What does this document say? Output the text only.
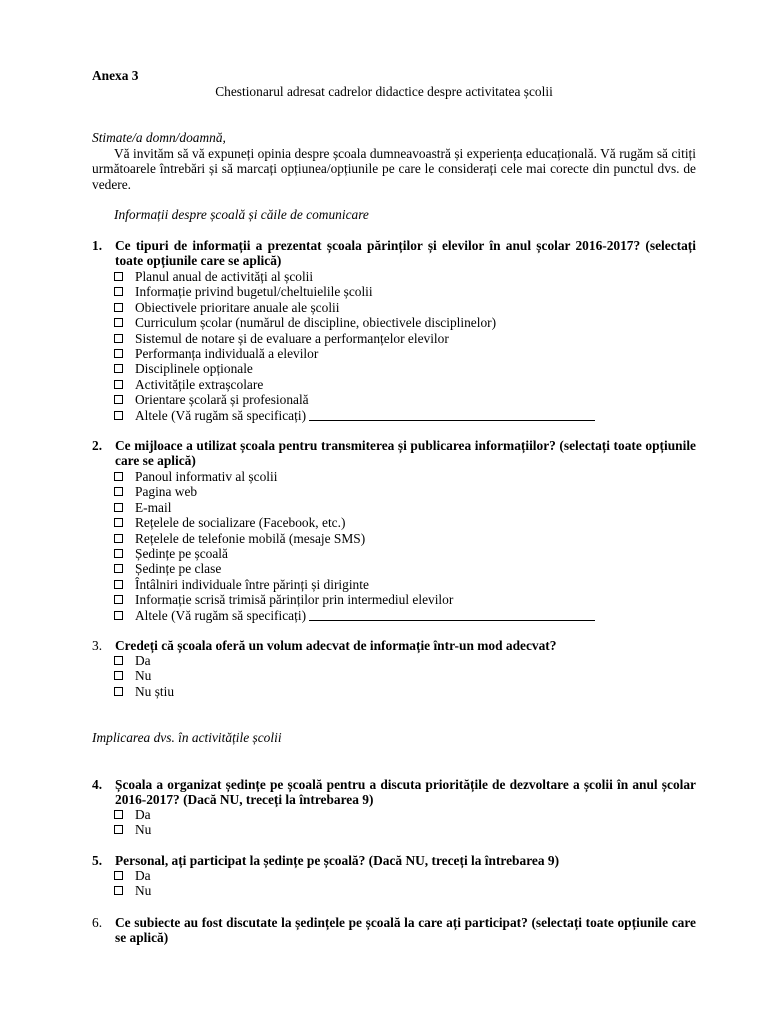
Anexa 3
Chestionarul adresat cadrelor didactice despre activitatea școlii
Stimate/a domn/doamnă,
Vă invităm să vă expuneți opinia despre școala dumneavoastră și experiența educațională. Vă rugăm să citiți următoarele întrebări și să marcați opțiunea/opțiunile pe care le considerați cele mai corecte din punctul dvs. de vedere.
Informații despre școală și căile de comunicare
1. Ce tipuri de informații a prezentat școala părinților și elevilor în anul școlar 2016-2017? (selectați toate opțiunile care se aplică)
Planul anual de activități al școlii
Informație privind bugetul/cheltuielile școlii
Obiectivele prioritare anuale ale școlii
Curriculum școlar (numărul de discipline, obiectivele disciplinelor)
Sistemul de notare și de evaluare a performanțelor elevilor
Performanța individuală a elevilor
Disciplinele opționale
Activitățile extrașcolare
Orientare școlară și profesională
Altele (Vă rugăm să specificați)
2. Ce mijloace a utilizat școala pentru transmiterea și publicarea informațiilor? (selectați toate opțiunile care se aplică)
Panoul informativ al școlii
Pagina web
E-mail
Rețelele de socializare (Facebook, etc.)
Rețelele de telefonie mobilă (mesaje SMS)
Ședințe pe școală
Ședințe pe clase
Întâlniri individuale între părinți și diriginte
Informație scrisă trimisă părinților prin intermediul elevilor
Altele (Vă rugăm să specificați)
3. Credeți că școala oferă un volum adecvat de informație într-un mod adecvat?
Da
Nu
Nu știu
Implicarea dvs. în activitățile școlii
4. Școala a organizat ședințe pe școală pentru a discuta prioritățile de dezvoltare a școlii în anul școlar 2016-2017? (Dacă NU, treceți la întrebarea 9)
Da
Nu
5. Personal, ați participat la ședințe pe școală? (Dacă NU, treceți la întrebarea 9)
Da
Nu
6. Ce subiecte au fost discutate la ședințele pe școală la care ați participat? (selectați toate opțiunile care se aplică)
